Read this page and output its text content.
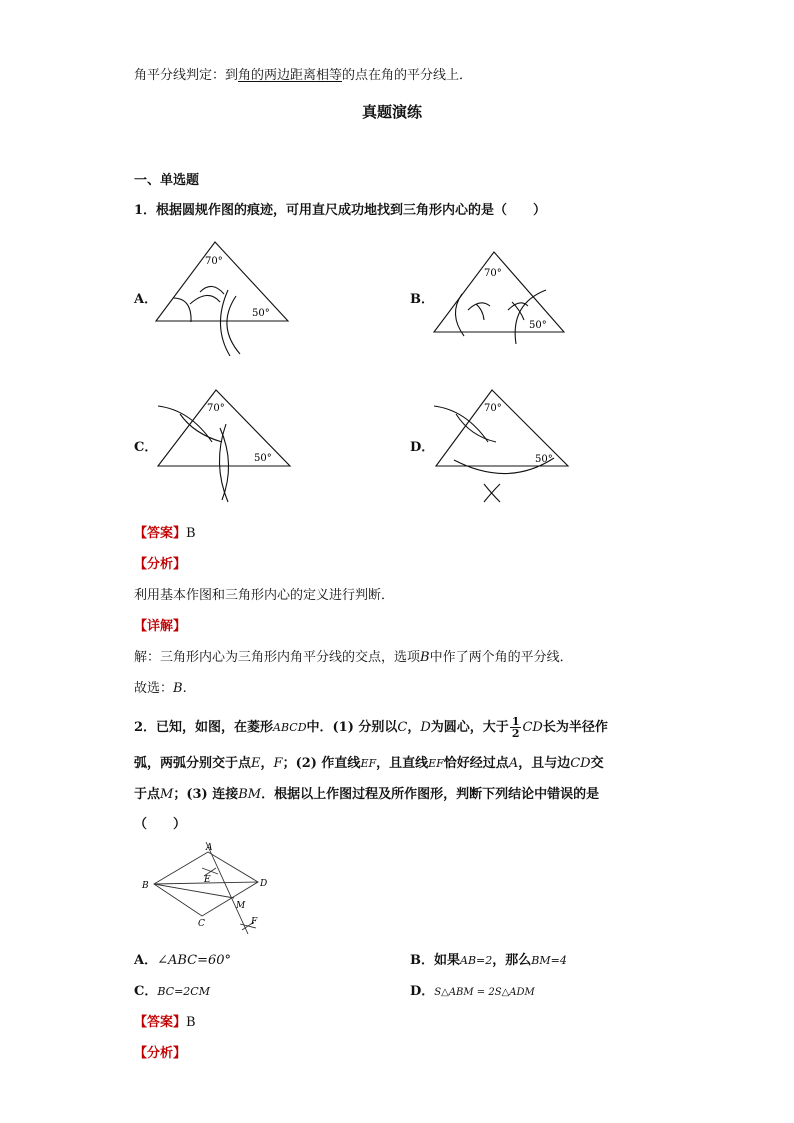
角平分线判定：到角的两边距离相等的点在角的平分线上．
真题演练
一、单选题
1．根据圆规作图的痕迹，可用直尺成功地找到三角形内心的是（　　）
A．	B．
C．	D．
70°
50°
70°
50°
70°
50°
70°
50°
【答案】B
【分析】
利用基本作图和三角形内心的定义进行判断．
【详解】
解：三角形内心为三角形内角平分线的交点，选项B中作了两个角的平分线．
故选：B.
2．已知，如图，在菱形ABCD中．(1) 分别以C，D为圆心，大于 $\frac{1}{2}$ CD长为半径作
弧，两弧分别交于点E，F；(2) 作直线EF，且直线EF恰好经过点A，且与边CD交
于点M；(3) 连接BM．根据以上作图过程及所作图形，判断下列结论中错误的是
（　　）
A
B
C
D
E
F
M
A．∠ABC=60°	B．如果AB=2，那么BM=4
C．BC=2CM	D．S△ABM = 2S△ADM
【答案】B
【分析】
